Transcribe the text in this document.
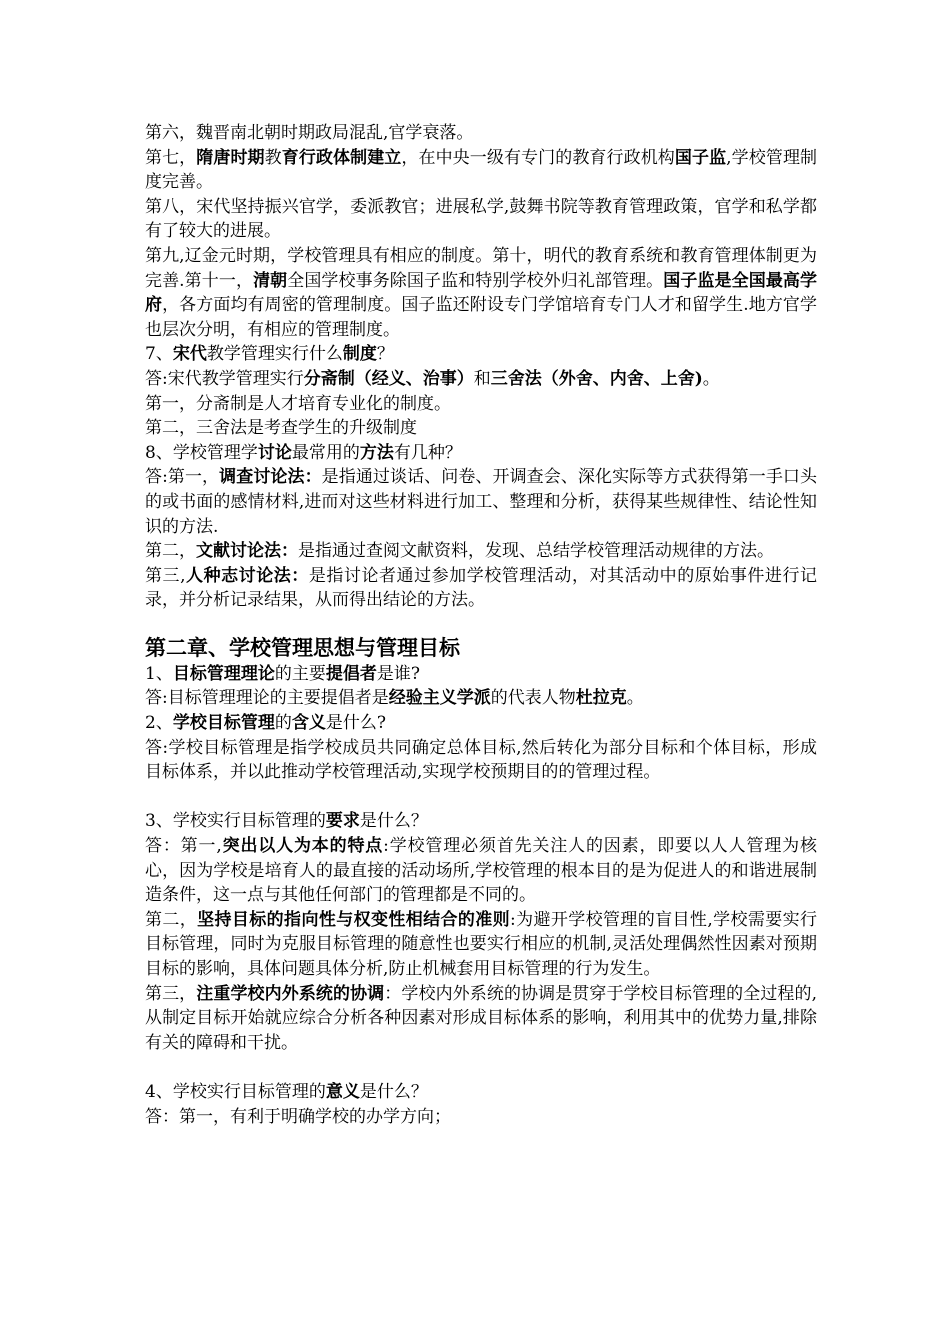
第六，魏晋南北朝时期政局混乱,官学衰落。

第七，隋唐时期教育行政体制建立，在中央一级有专门的教育行政机构国子监,学校管理制度完善。

第八，宋代坚持振兴官学，委派教官；进展私学,鼓舞书院等教育管理政策，官学和私学都有了较大的进展。

第九,辽金元时期，学校管理具有相应的制度。第十，明代的教育系统和教育管理体制更为完善.第十一，清朝全国学校事务除国子监和特别学校外归礼部管理。国子监是全国最高学府，各方面均有周密的管理制度。国子监还附设专门学馆培育专门人才和留学生.地方官学也层次分明，有相应的管理制度。

7、宋代教学管理实行什么制度？

答:宋代教学管理实行分斋制（经义、治事）和三舍法（外舍、内舍、上舍)。

第一，分斋制是人才培育专业化的制度。

第二，三舍法是考查学生的升级制度

8、学校管理学讨论最常用的方法有几种？

答:第一，调查讨论法：是指通过谈话、问卷、开调查会、深化实际等方式获得第一手口头的或书面的感情材料,进而对这些材料进行加工、整理和分析，获得某些规律性、结论性知识的方法.

第二，文献讨论法：是指通过查阅文献资料，发现、总结学校管理活动规律的方法。

第三,人种志讨论法：是指讨论者通过参加学校管理活动，对其活动中的原始事件进行记录，并分析记录结果，从而得出结论的方法。

第二章、学校管理思想与管理目标

1、目标管理理论的主要提倡者是谁?

答:目标管理理论的主要提倡者是经验主义学派的代表人物杜拉克。

2、学校目标管理的含义是什么?

答:学校目标管理是指学校成员共同确定总体目标,然后转化为部分目标和个体目标，形成目标体系，并以此推动学校管理活动,实现学校预期目的的管理过程。

3、学校实行目标管理的要求是什么？

答：第一,突出以人为本的特点:学校管理必须首先关注人的因素，即要以人人管理为核心，因为学校是培育人的最直接的活动场所,学校管理的根本目的是为促进人的和谐进展制造条件，这一点与其他任何部门的管理都是不同的。

第二，坚持目标的指向性与权变性相结合的准则:为避开学校管理的盲目性,学校需要实行目标管理，同时为克服目标管理的随意性也要实行相应的机制,灵活处理偶然性因素对预期目标的影响，具体问题具体分析,防止机械套用目标管理的行为发生。

第三，注重学校内外系统的协调：学校内外系统的协调是贯穿于学校目标管理的全过程的,从制定目标开始就应综合分析各种因素对形成目标体系的影响，利用其中的优势力量,排除有关的障碍和干扰。

4、学校实行目标管理的意义是什么？

答：第一，有利于明确学校的办学方向；
